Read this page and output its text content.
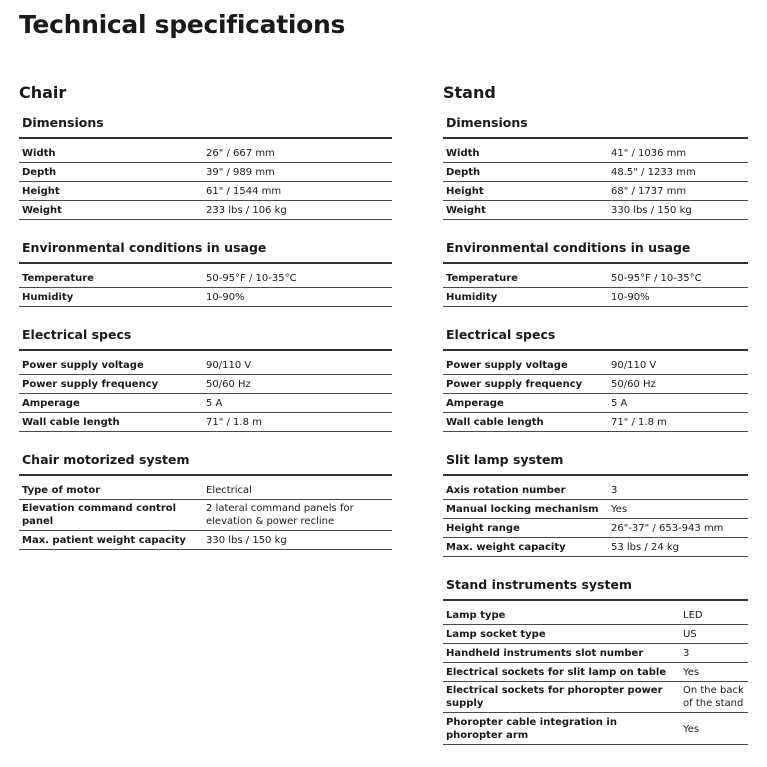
Technical specifications
Chair
Dimensions
Width	26" / 667 mm
Depth	39" / 989 mm
Height	61" / 1544 mm
Weight	233 lbs / 106 kg
Environmental conditions in usage
Temperature	50-95°F / 10-35°C
Humidity	10-90%
Electrical specs
Power supply voltage	90/110 V
Power supply frequency	50/60 Hz
Amperage	5 A
Wall cable length	71" / 1.8 m
Chair motorized system
Type of motor	Electrical
Elevation command control panel	2 lateral command panels for elevation & power recline
Max. patient weight capacity	330 lbs / 150 kg
Stand
Dimensions
Width	41" / 1036 mm
Depth	48.5" / 1233 mm
Height	68" / 1737 mm
Weight	330 lbs / 150 kg
Environmental conditions in usage
Temperature	50-95°F / 10-35°C
Humidity	10-90%
Electrical specs
Power supply voltage	90/110 V
Power supply frequency	50/60 Hz
Amperage	5 A
Wall cable length	71" / 1.8 m
Slit lamp system
Axis rotation number	3
Manual locking mechanism	Yes
Height range	26"-37" / 653-943 mm
Max. weight capacity	53 lbs / 24 kg
Stand instruments system
Lamp type	LED
Lamp socket type	US
Handheld instruments slot number	3
Electrical sockets for slit lamp on table	Yes
Electrical sockets for phoropter power supply	On the back of the stand
Phoropter cable integration in phoropter arm	Yes
